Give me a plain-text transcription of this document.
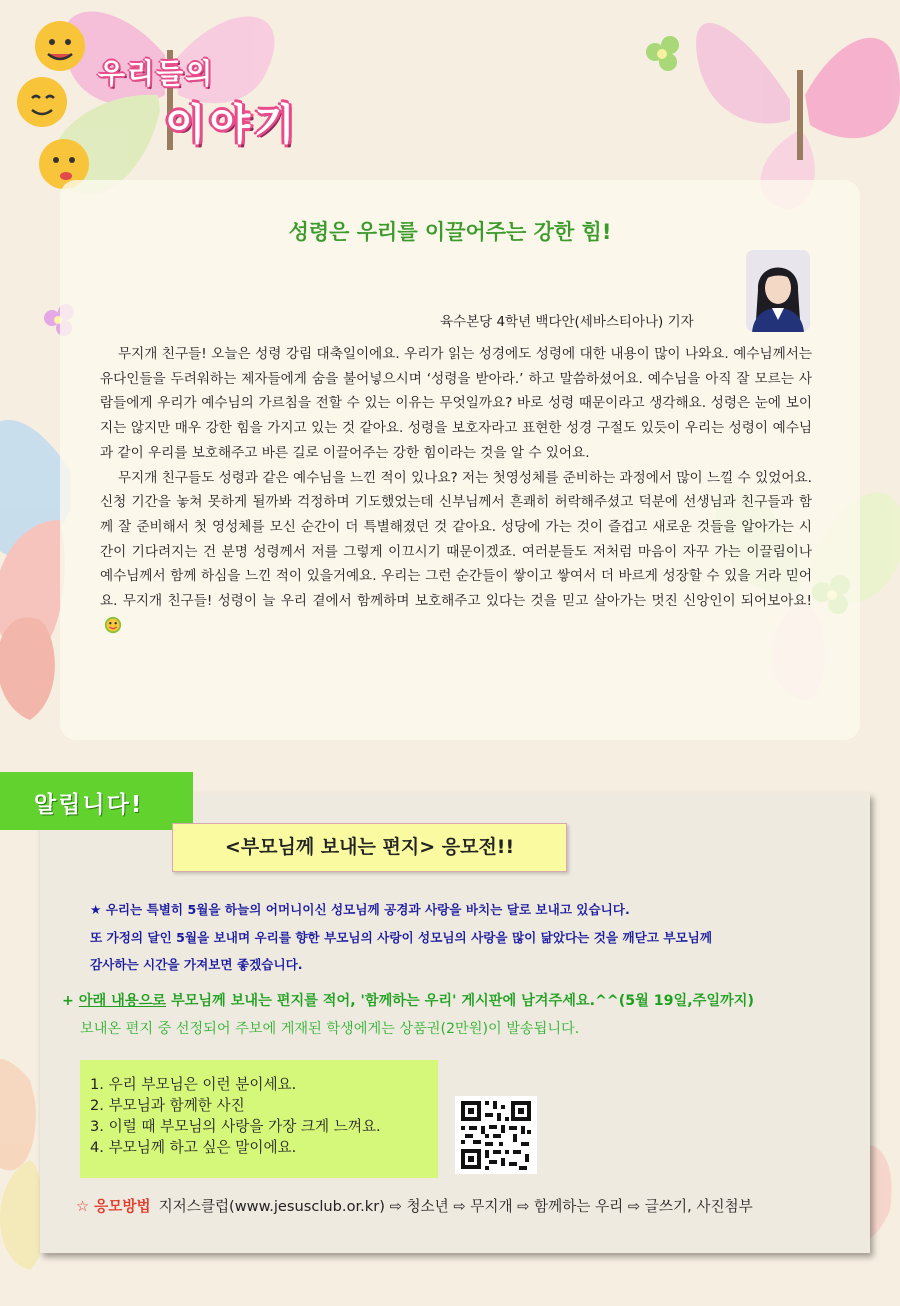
우리들의
이야기
성령은 우리를 이끌어주는 강한 힘!
육수본당 4학년 백다안(세바스티아나) 기자

무지개 친구들! 오늘은 성령 강림 대축일이에요. 우리가 읽는 성경에도 성령에 대한 내용이 많이 나와요. 예수님께서는 유다인들을 두려워하는 제자들에게 숨을 불어넣으시며 ‘성령을 받아라.’ 하고 말씀하셨어요. 예수님을 아직 잘 모르는 사람들에게 우리가 예수님의 가르침을 전할 수 있는 이유는 무엇일까요? 바로 성령 때문이라고 생각해요. 성령은 눈에 보이지는 않지만 매우 강한 힘을 가지고 있는 것 같아요. 성령을 보호자라고 표현한 성경 구절도 있듯이 우리는 성령이 예수님과 같이 우리를 보호해주고 바른 길로 이끌어주는 강한 힘이라는 것을 알 수 있어요.

무지개 친구들도 성령과 같은 예수님을 느낀 적이 있나요? 저는 첫영성체를 준비하는 과정에서 많이 느낄 수 있었어요. 신청 기간을 놓쳐 못하게 될까봐 걱정하며 기도했었는데 신부님께서 흔쾌히 허락해주셨고 덕분에 선생님과 친구들과 함께 잘 준비해서 첫 영성체를 모신 순간이 더 특별해졌던 것 같아요. 성당에 가는 것이 즐겁고 새로운 것들을 알아가는 시간이 기다려지는 건 분명 성령께서 저를 그렇게 이끄시기 때문이겠죠. 여러분들도 저처럼 마음이 자꾸 가는 이끌림이나 예수님께서 함께 하심을 느낀 적이 있을거예요. 우리는 그런 순간들이 쌓이고 쌓여서 더 바르게 성장할 수 있을 거라 믿어요. 무지개 친구들! 성령이 늘 우리 곁에서 함께하며 보호해주고 있다는 것을 믿고 살아가는 멋진 신앙인이 되어보아요!

알립니다!
<부모님께 보내는 편지> 응모전!!
★ 우리는 특별히 5월을 하늘의 어머니이신 성모님께 공경과 사랑을 바치는 달로 보내고 있습니다.
또 가정의 달인 5월을 보내며 우리를 향한 부모님의 사랑이 성모님의 사랑을 많이 닮았다는 것을 깨닫고 부모님께
감사하는 시간을 가져보면 좋겠습니다.
+ 아래 내용으로 부모님께 보내는 편지를 적어, '함께하는 우리' 게시판에 남겨주세요.^^(5월 19일,주일까지)
보내온 편지 중 선정되어 주보에 게재된 학생에게는 상품권(2만원)이 발송됩니다.
1. 우리 부모님은 이런 분이세요.
2. 부모님과 함께한 사진
3. 이럴 때 부모님의 사랑을 가장 크게 느껴요.
4. 부모님께 하고 싶은 말이에요.
☆ 응모방법 지저스클럽(www.jesusclub.or.kr) ⇨ 청소년 ⇨ 무지개 ⇨ 함께하는 우리 ⇨ 글쓰기, 사진첨부
